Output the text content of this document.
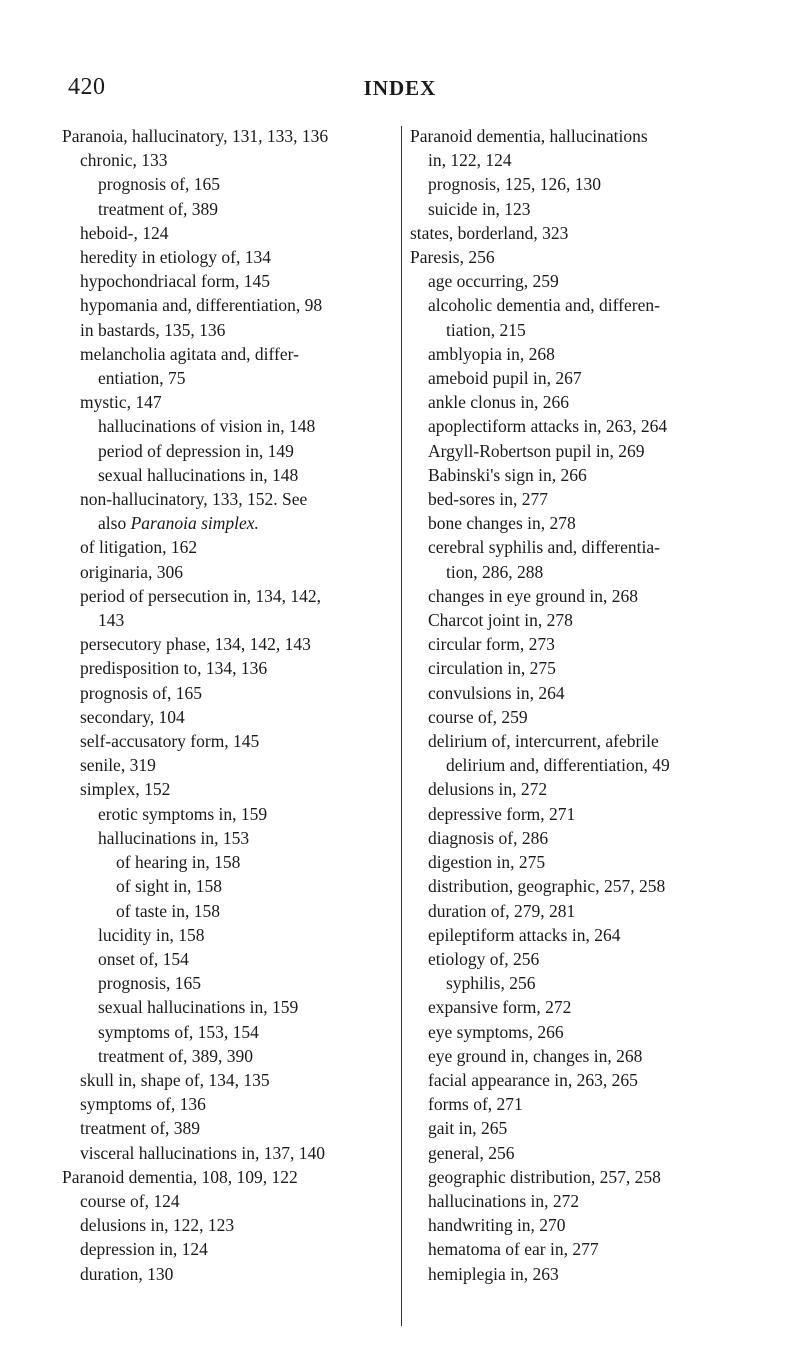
420	INDEX
Paranoia, hallucinatory, 131, 133, 136
chronic, 133
prognosis of, 165
treatment of, 389
heboid-, 124
heredity in etiology of, 134
hypochondriacal form, 145
hypomania and, differentiation, 98
in bastards, 135, 136
melancholia agitata and, differ-
entiation, 75
mystic, 147
hallucinations of vision in, 148
period of depression in, 149
sexual hallucinations in, 148
non-hallucinatory, 133, 152. See
also Paranoia simplex.
of litigation, 162
originaria, 306
period of persecution in, 134, 142,
143
persecutory phase, 134, 142, 143
predisposition to, 134, 136
prognosis of, 165
secondary, 104
self-accusatory form, 145
senile, 319
simplex, 152
erotic symptoms in, 159
hallucinations in, 153
of hearing in, 158
of sight in, 158
of taste in, 158
lucidity in, 158
onset of, 154
prognosis, 165
sexual hallucinations in, 159
symptoms of, 153, 154
treatment of, 389, 390
skull in, shape of, 134, 135
symptoms of, 136
treatment of, 389
visceral hallucinations in, 137, 140
Paranoid dementia, 108, 109, 122
course of, 124
delusions in, 122, 123
depression in, 124
duration, 130
Paranoid dementia, hallucinations
in, 122, 124
prognosis, 125, 126, 130
suicide in, 123
states, borderland, 323
Paresis, 256
age occurring, 259
alcoholic dementia and, differen-
tiation, 215
amblyopia in, 268
ameboid pupil in, 267
ankle clonus in, 266
apoplectiform attacks in, 263, 264
Argyll-Robertson pupil in, 269
Babinski's sign in, 266
bed-sores in, 277
bone changes in, 278
cerebral syphilis and, differentia-
tion, 286, 288
changes in eye ground in, 268
Charcot joint in, 278
circular form, 273
circulation in, 275
convulsions in, 264
course of, 259
delirium of, intercurrent, afebrile
delirium and, differentiation, 49
delusions in, 272
depressive form, 271
diagnosis of, 286
digestion in, 275
distribution, geographic, 257, 258
duration of, 279, 281
epileptiform attacks in, 264
etiology of, 256
syphilis, 256
expansive form, 272
eye symptoms, 266
eye ground in, changes in, 268
facial appearance in, 263, 265
forms of, 271
gait in, 265
general, 256
geographic distribution, 257, 258
hallucinations in, 272
handwriting in, 270
hematoma of ear in, 277
hemiplegia in, 263
